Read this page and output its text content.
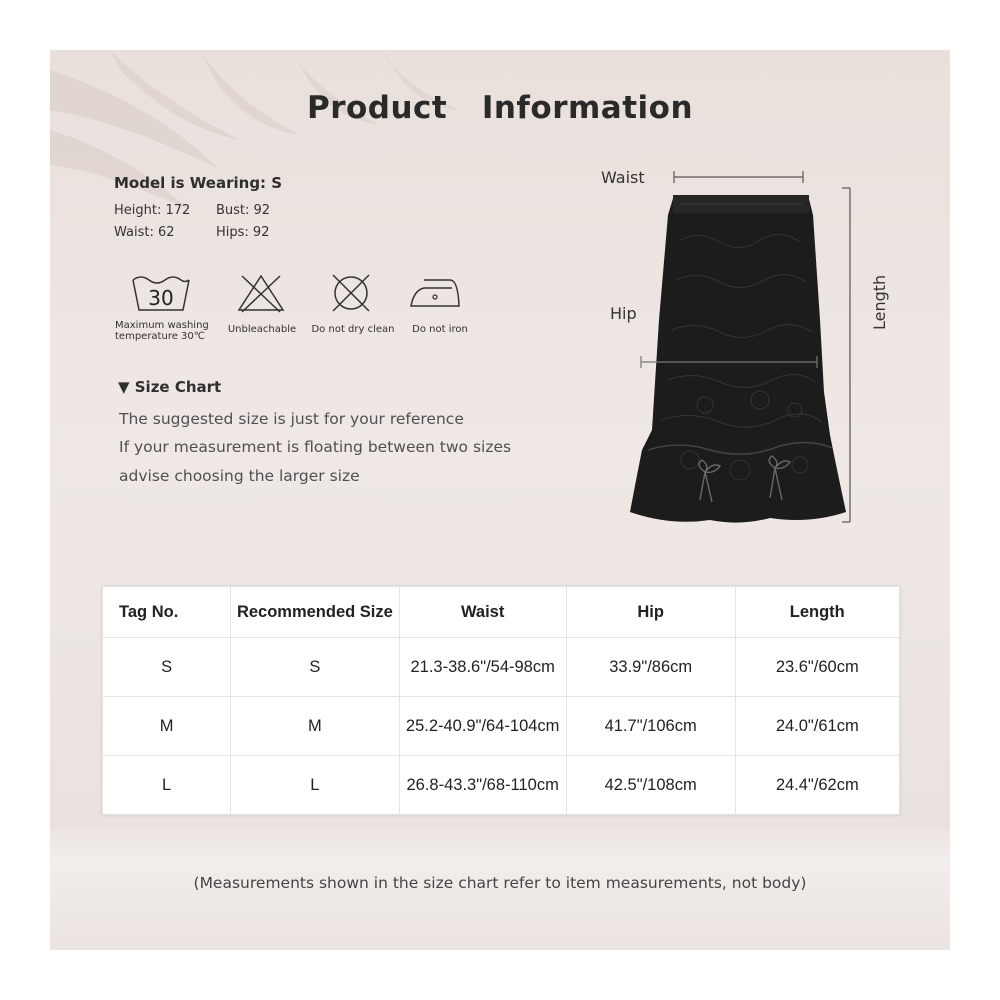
Product  Information
Model is Wearing: S
Height: 172 Bust: 92
Waist: 62	Hips: 92
30
Maximum washing
temperature 30℃
Unbleachable	Do not dry clean	Do not iron
▼ Size Chart
The suggested size is just for your reference
If your measurement is floating between two sizes
advise choosing the larger size
Waist
Hip	Length
Tag No.	Recommended Size	Waist	Hip	Length
S	S	21.3-38.6"/54-98cm	33.9"/86cm	23.6"/60cm
M	M	25.2-40.9"/64-104cm	41.7"/106cm	24.0"/61cm
L	L	26.8-43.3"/68-110cm	42.5"/108cm	24.4"/62cm
(Measurements shown in the size chart refer to item measurements, not body)
